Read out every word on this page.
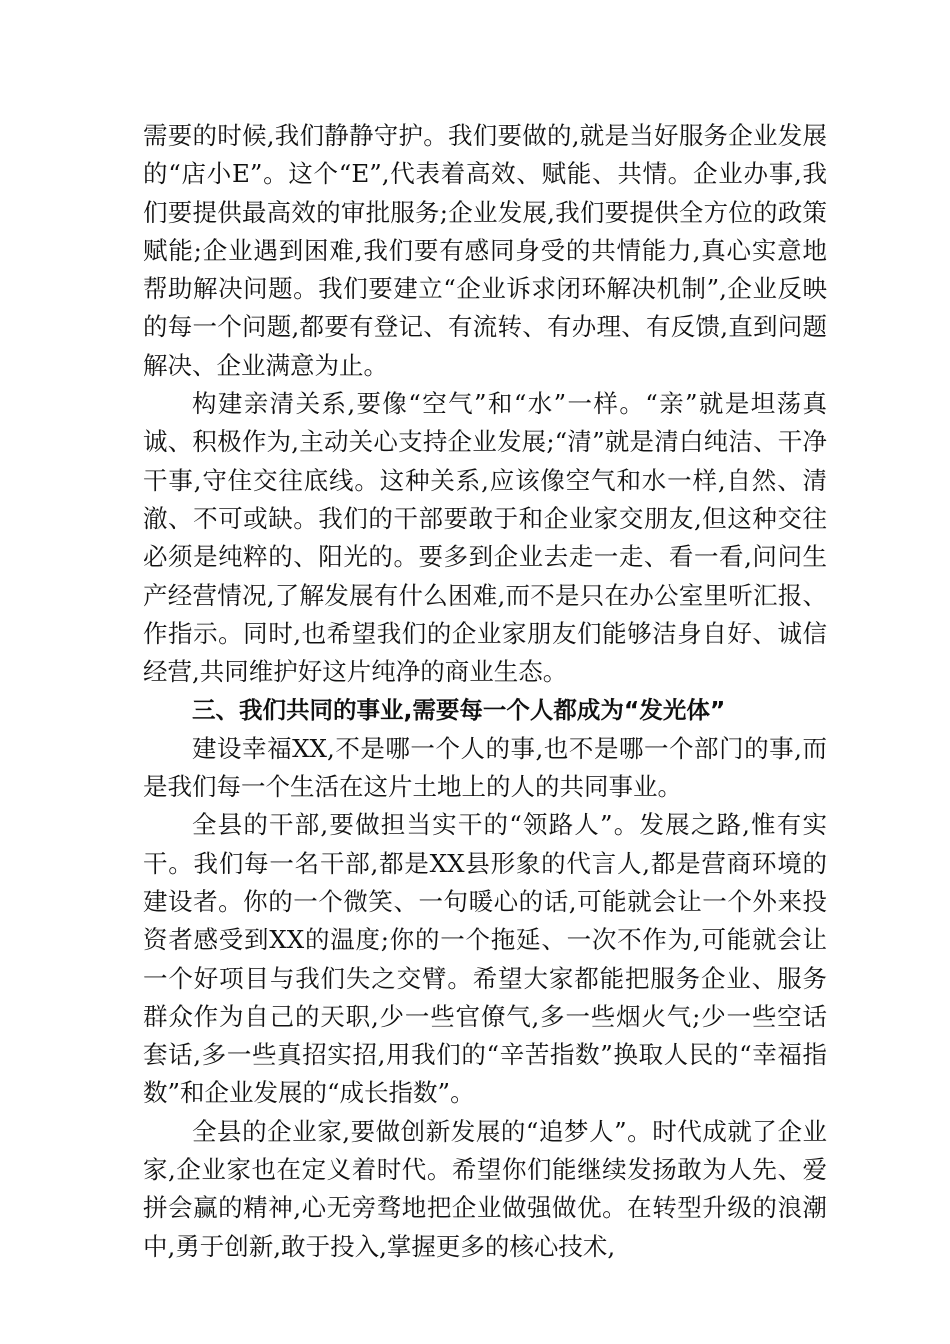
需要的时候,我们静静守护。我们要做的,就是当好服务企业发展的“店小E”。这个“E”,代表着高效、赋能、共情。企业办事,我们要提供最高效的审批服务;企业发展,我们要提供全方位的政策赋能;企业遇到困难,我们要有感同身受的共情能力,真心实意地帮助解决问题。我们要建立“企业诉求闭环解决机制”,企业反映的每一个问题,都要有登记、有流转、有办理、有反馈,直到问题解决、企业满意为止。

构建亲清关系,要像“空气”和“水”一样。“亲”就是坦荡真诚、积极作为,主动关心支持企业发展;“清”就是清白纯洁、干净干事,守住交往底线。这种关系,应该像空气和水一样,自然、清澈、不可或缺。我们的干部要敢于和企业家交朋友,但这种交往必须是纯粹的、阳光的。要多到企业去走一走、看一看,问问生产经营情况,了解发展有什么困难,而不是只在办公室里听汇报、作指示。同时,也希望我们的企业家朋友们能够洁身自好、诚信经营,共同维护好这片纯净的商业生态。

三、我们共同的事业,需要每一个人都成为“发光体”

建设幸福XX,不是哪一个人的事,也不是哪一个部门的事,而是我们每一个生活在这片土地上的人的共同事业。

全县的干部,要做担当实干的“领路人”。发展之路,惟有实干。我们每一名干部,都是XX县形象的代言人,都是营商环境的建设者。你的一个微笑、一句暖心的话,可能就会让一个外来投资者感受到XX的温度;你的一个拖延、一次不作为,可能就会让一个好项目与我们失之交臂。希望大家都能把服务企业、服务群众作为自己的天职,少一些官僚气,多一些烟火气;少一些空话套话,多一些真招实招,用我们的“辛苦指数”换取人民的“幸福指数”和企业发展的“成长指数”。

全县的企业家,要做创新发展的“追梦人”。时代成就了企业家,企业家也在定义着时代。希望你们能继续发扬敢为人先、爱拼会赢的精神,心无旁骛地把企业做强做优。在转型升级的浪潮中,勇于创新,敢于投入,掌握更多的核心技术,
